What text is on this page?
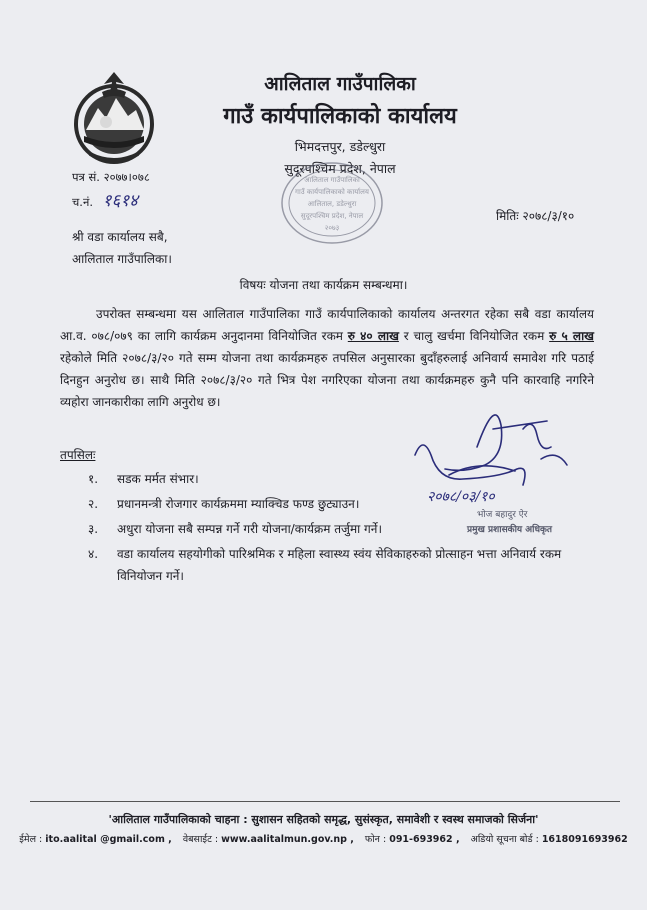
आलिताल गाउँपालिका
गाउँ कार्यपालिकाको कार्यालय
भिमदत्तपुर, डडेल्धुरा
सुदूरपश्चिम प्रदेश, नेपाल
आलिताल गाउँपालिका
गाउँ कार्यपालिकाको कार्यालय
आलिताल, डडेल्धुरा
सुदूरपश्चिम प्रदेश, नेपाल
२०७३
पत्र सं. २०७७।०७८
च.नं. १६१४
मितिः २०७८/३/१०
श्री वडा कार्यालय सबै,
आलिताल गाउँपालिका।
विषयः योजना तथा कार्यक्रम सम्बन्धमा।

उपरोक्त सम्बन्धमा यस आलिताल गाउँपालिका गाउँ कार्यपालिकाको कार्यालय अन्तरगत रहेका सबै वडा कार्यालय आ.व. ०७८/०७९ का लागि कार्यक्रम अनुदानमा विनियोजित रकम रु ४० लाख र चालु खर्चमा विनियोजित रकम रु ५ लाख रहेकोले मिति २०७८/३/२० गते सम्म योजना तथा कार्यक्रमहरु तपसिल अनुसारका बुदाँहरुलाई अनिवार्य समावेश गरि पठाई दिनहुन अनुरोध छ। साथै मिति २०७८/३/२० गते भित्र पेश नगरिएका योजना तथा कार्यक्रमहरु कुनै पनि कारवाहि नगरिने व्यहोरा जानकारीका लागि अनुरोध छ।

तपसिलः
१. सडक मर्मत संभार।
२. प्रधानमन्त्री रोजगार कार्यक्रममा म्याक्चिड फण्ड छुट्याउन।
३. अधुरा योजना सबै सम्पन्न गर्ने गरी योजना/कार्यक्रम तर्जुमा गर्ने।
४. वडा कार्यालय सहयोगीको पारिश्रमिक र महिला स्वास्थ्य स्वंय सेविकाहरुको प्रोत्साहन भत्ता अनिवार्य रकम विनियोजन गर्ने।
२०७८/०३/१०
भोज बहादुर ऐर
प्रमुख प्रशासकीय अधिकृत
'आलिताल गाउँपालिकाको चाहना : सुशासन सहितको समृद्ध, सुसंस्कृत, समावेशी र स्वस्थ समाजको सिर्जना'
ईमेल : ito.aalital @gmail.com , वेबसाईट : www.aalitalmun.gov.np , फोन : 091-693962 , अडियो सूचना बोर्ड : 1618091693962
